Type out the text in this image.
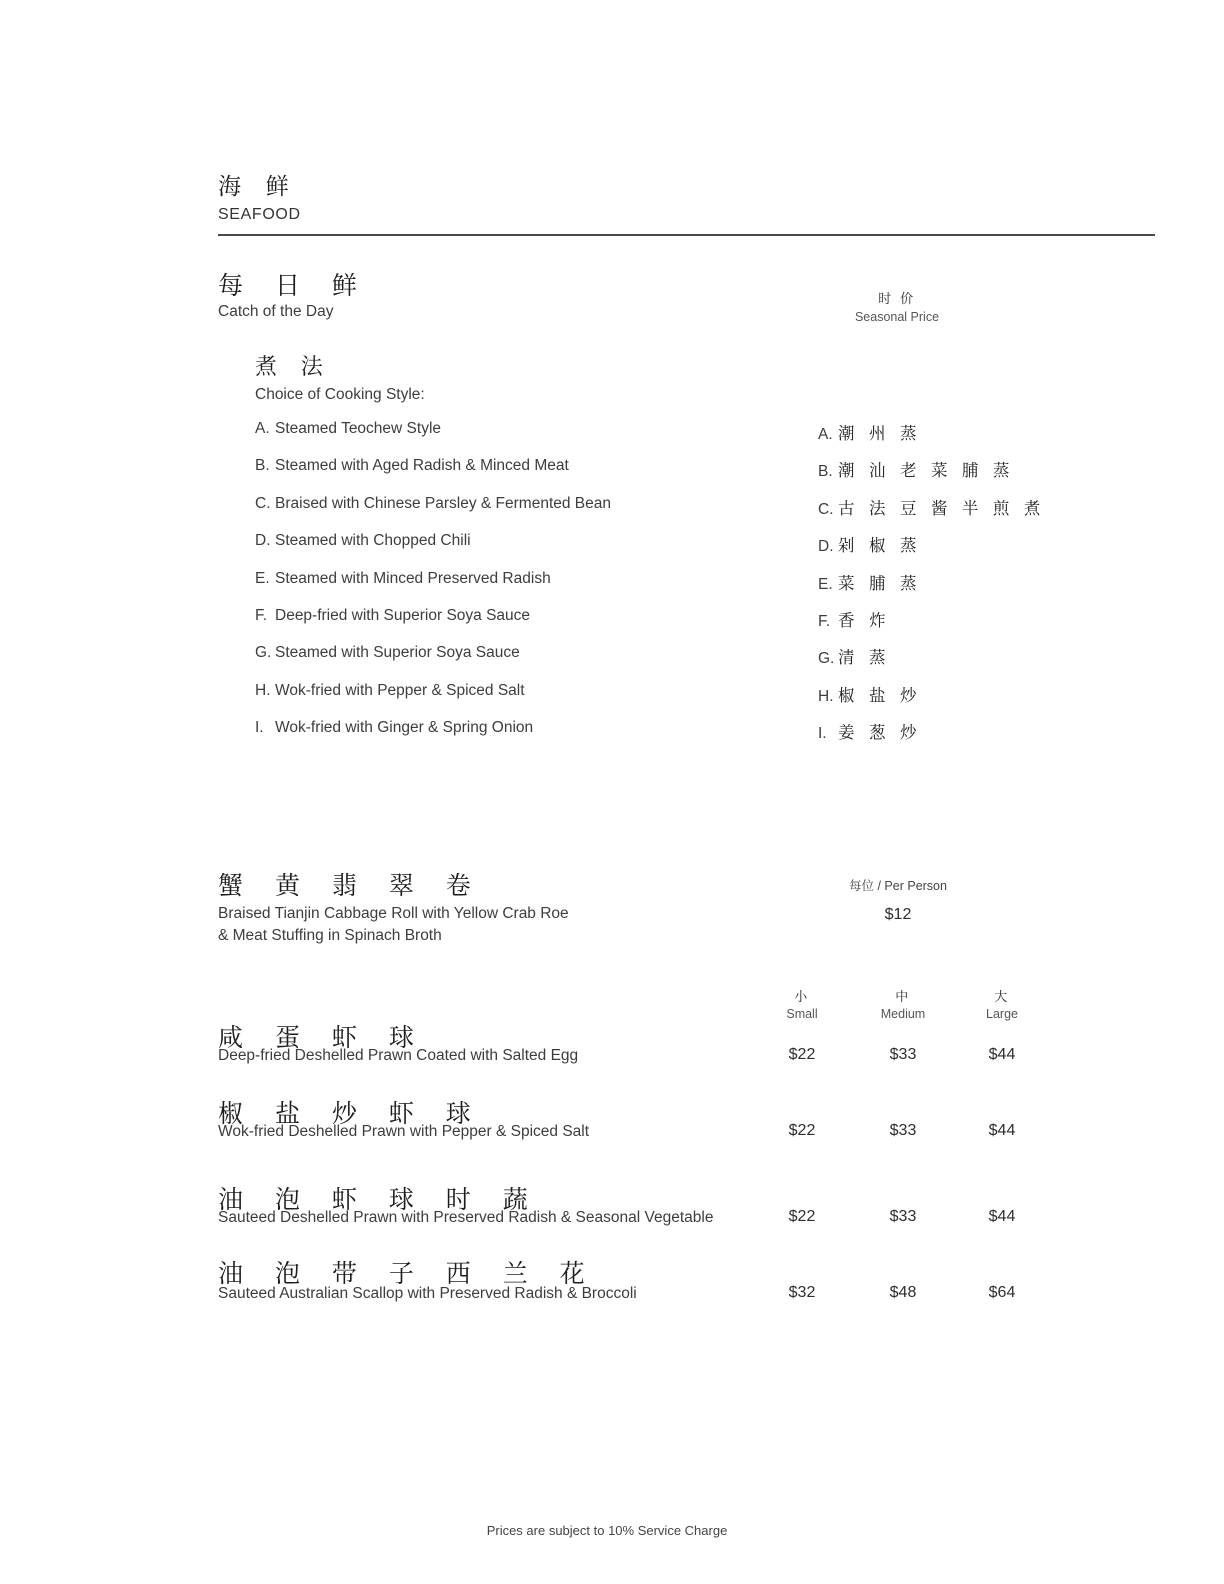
海 鲜
SEAFOOD
每 日 鲜
Catch of the Day
时 价
Seasonal Price
煮 法
Choice of Cooking Style:
A. Steamed Teochew Style	A. 潮 州 蒸
B. Steamed with Aged Radish & Minced Meat	B. 潮 汕 老 菜 脯 蒸
C. Braised with Chinese Parsley & Fermented Bean	C. 古 法 豆 酱 半 煎 煮
D. Steamed with Chopped Chili	D. 剁 椒 蒸
E. Steamed with Minced Preserved Radish	E. 菜 脯 蒸
F. Deep-fried with Superior Soya Sauce	F. 香 炸
G. Steamed with Superior Soya Sauce	G. 清 蒸
H. Wok-fried with Pepper & Spiced Salt	H. 椒 盐 炒
I. Wok-fried with Ginger & Spring Onion	I. 姜 葱 炒
蟹 黄 翡 翠 卷
Braised Tianjin Cabbage Roll with Yellow Crab Roe
& Meat Stuffing in Spinach Broth
每位 / Per Person
$12
小
Small
中
Medium
大
Large
咸 蛋 虾 球
Deep-fried Deshelled Prawn Coated with Salted Egg	$22	$33	$44
椒 盐 炒 虾 球
Wok-fried Deshelled Prawn with Pepper & Spiced Salt	$22	$33	$44
油 泡 虾 球 时 蔬
Sauteed Deshelled Prawn with Preserved Radish & Seasonal Vegetable	$22	$33	$44
油 泡 带 子 西 兰 花
Sauteed Australian Scallop with Preserved Radish & Broccoli	$32	$48	$64
Prices are subject to 10% Service Charge
